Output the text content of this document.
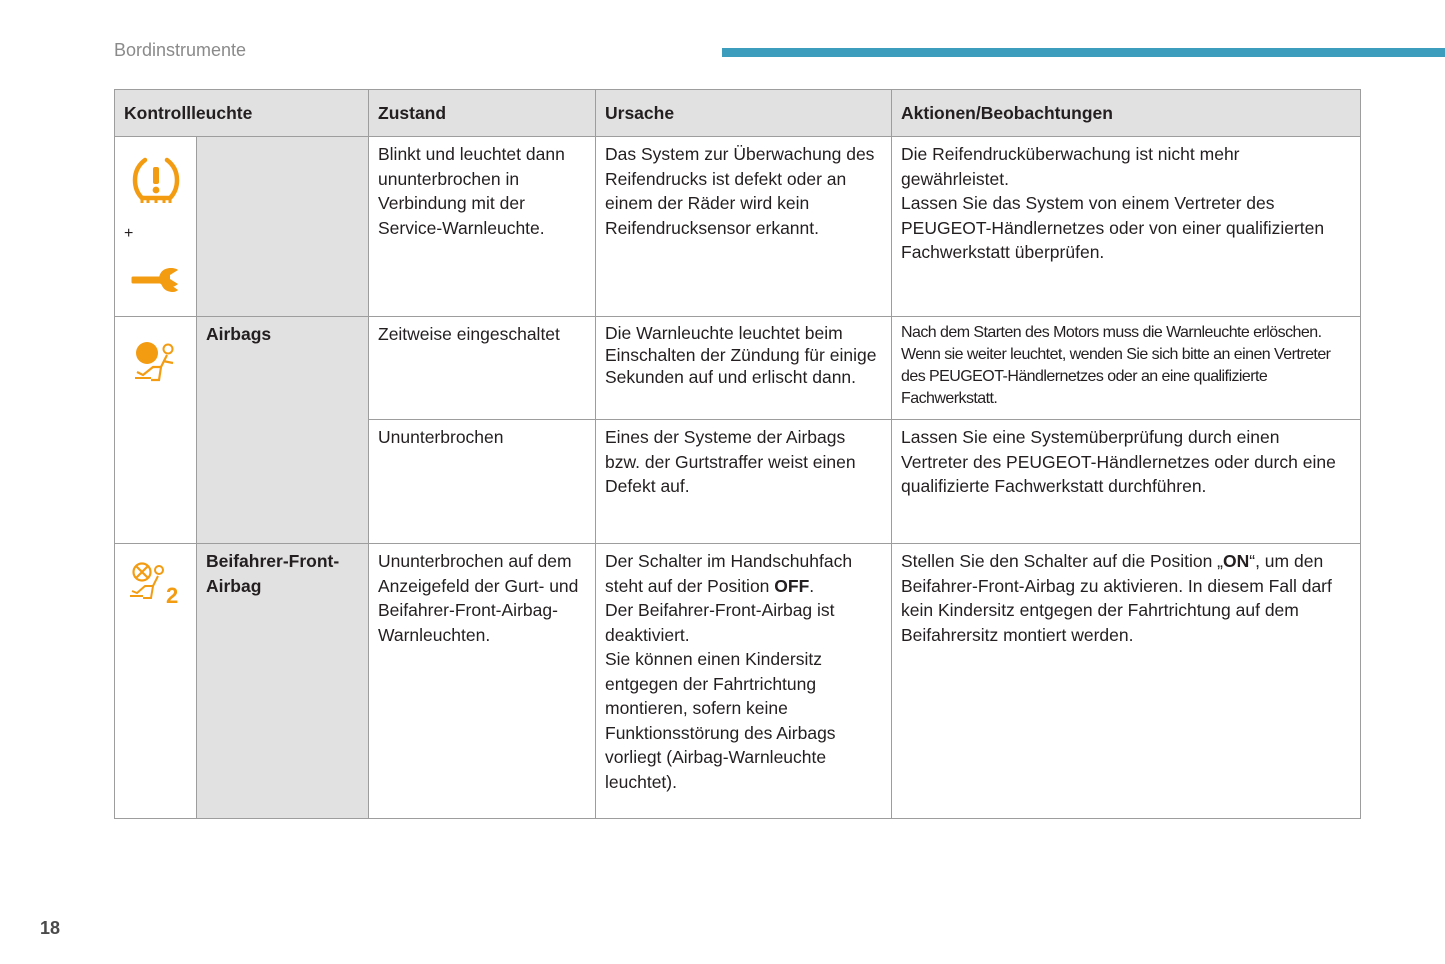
Bordinstrumente
Kontrollleuchte		Zustand	Ursache	Aktionen/Beobachtungen

+		Blinkt und leuchtet dann ununterbrochen in Verbindung mit der Service-Warnleuchte.	Das System zur Überwachung des Reifendrucks ist defekt oder an einem der Räder wird kein Reifendrucksensor erkannt.	Die Reifendrucküberwachung ist nicht mehr gewährleistet.
Lassen Sie das System von einem Vertreter des PEUGEOT-Händlernetzes oder von einer qualifizierten Fachwerkstatt überprüfen.

	Airbags	Zeitweise eingeschaltet	Die Warnleuchte leuchtet beim Einschalten der Zündung für einige Sekunden auf und erlischt dann.	Nach dem Starten des Motors muss die Warnleuchte erlöschen.
Wenn sie weiter leuchtet, wenden Sie sich bitte an einen Vertreter des PEUGEOT-Händlernetzes oder an eine qualifizierte Fachwerkstatt.
		Ununterbrochen	Eines der Systeme der Airbags bzw. der Gurtstraffer weist einen Defekt auf.	Lassen Sie eine Systemüberprüfung durch einen Vertreter des PEUGEOT-Händlernetzes oder durch eine qualifizierte Fachwerkstatt durchführen.

2	Beifahrer-Front-Airbag	Ununterbrochen auf dem Anzeigefeld der Gurt- und Beifahrer-Front-Airbag-Warnleuchten.	Der Schalter im Handschuhfach steht auf der Position OFF.
Der Beifahrer-Front-Airbag ist deaktiviert.
Sie können einen Kindersitz entgegen der Fahrtrichtung montieren, sofern keine Funktionsstörung des Airbags vorliegt (Airbag-Warnleuchte leuchtet).	Stellen Sie den Schalter auf die Position „ON“, um den Beifahrer-Front-Airbag zu aktivieren. In diesem Fall darf kein Kindersitz entgegen der Fahrtrichtung auf dem Beifahrersitz montiert werden.
18
